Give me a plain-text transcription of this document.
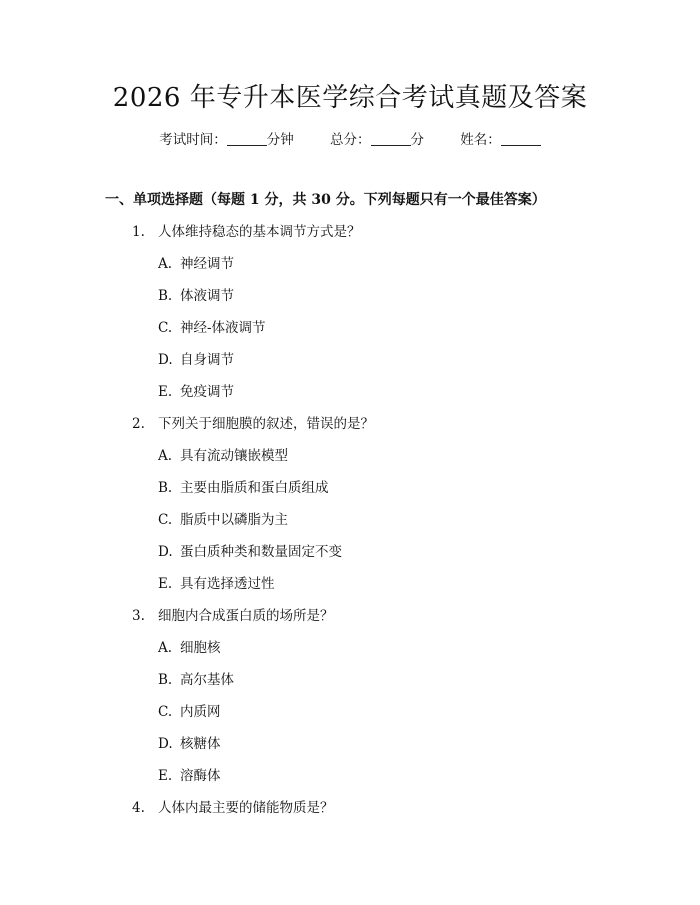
2026 年专升本医学综合考试真题及答案
考试时间：	分钟	总分：	分	姓名：
一、单项选择题（每题 1 分，共 30 分。下列每题只有一个最佳答案）
1. 人体维持稳态的基本调节方式是？
A. 神经调节
B. 体液调节
C. 神经-体液调节
D. 自身调节
E. 免疫调节
2. 下列关于细胞膜的叙述，错误的是？
A. 具有流动镶嵌模型
B. 主要由脂质和蛋白质组成
C. 脂质中以磷脂为主
D. 蛋白质种类和数量固定不变
E. 具有选择透过性
3. 细胞内合成蛋白质的场所是？
A. 细胞核
B. 高尔基体
C. 内质网
D. 核糖体
E. 溶酶体
4. 人体内最主要的储能物质是？
